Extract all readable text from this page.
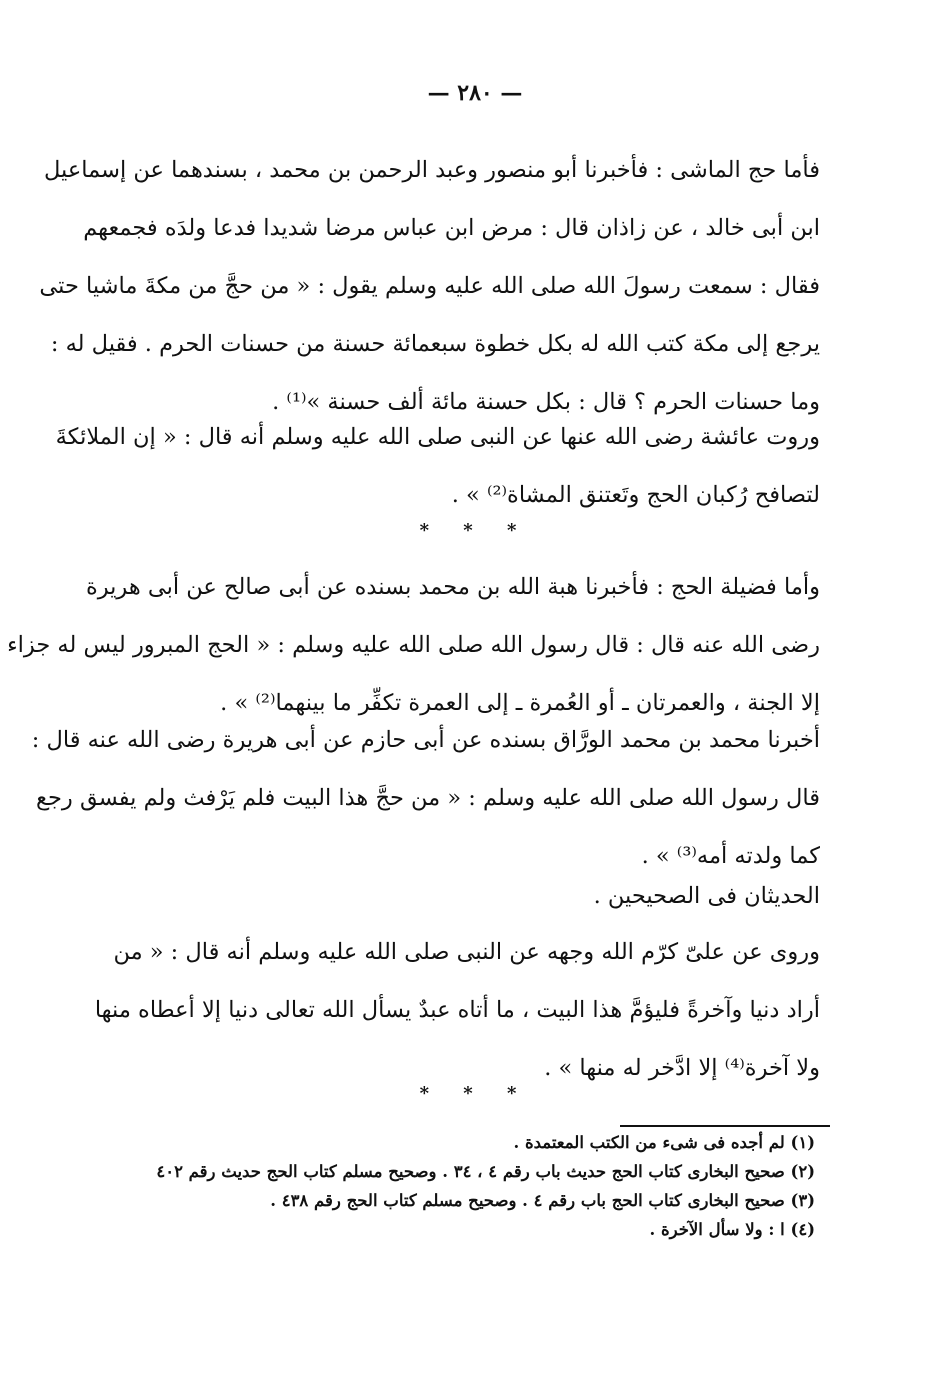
— ٢٨٠ —
فأما حج الماشى : فأخبرنا أبو منصور وعبد الرحمن بن محمد ، بسندهما عن إسماعيل
ابن أبى خالد ، عن زاذان قال : مرض ابن عباس مرضا شديدا فدعا ولدَه فجمعهم
فقال : سمعت رسولَ الله صلى الله عليه وسلم يقول : « من حجَّ من مكةَ ماشيا حتى
يرجع إلى مكة كتب الله له بكل خطوة سبعمائة حسنة من حسنات الحرم . فقيل له :
وما حسنات الحرم ؟ قال : بكل حسنة مائة ألف حسنة »⁽¹⁾ .
وروت عائشة رضى الله عنها عن النبى صلى الله عليه وسلم أنه قال : « إن الملائكةَ
لتصافح رُكبان الحج وتَعتنق المشاة⁽²⁾ » .
* * *
وأما فضيلة الحج : فأخبرنا هبة الله بن محمد بسنده عن أبى صالح عن أبى هريرة
رضى الله عنه قال : قال رسول الله صلى الله عليه وسلم : « الحج المبرور ليس له جزاء
إلا الجنة ، والعمرتان ـ أو العُمرة ـ إلى العمرة تكفِّر ما بينهما⁽²⁾ » .
أخبرنا محمد بن محمد الورَّاق بسنده عن أبى حازم عن أبى هريرة رضى الله عنه قال :
قال رسول الله صلى الله عليه وسلم : « من حجَّ هذا البيت فلم يَرْفث ولم يفسق رجع
كما ولدته أمه⁽³⁾ » .
الحديثان فى الصحيحين .
وروى عن علىّ كرّم الله وجهه عن النبى صلى الله عليه وسلم أنه قال : « من
أراد دنيا وآخرةً فليؤمَّ هذا البيت ، ما أتاه عبدٌ يسأل الله تعالى دنيا إلا أعطاه منها
ولا آخرة⁽⁴⁾ إلا ادَّخر له منها » .
* * *
(١) لم أجده فى شىء من الكتب المعتمدة .
(٢) صحيح البخارى كتاب الحج حديث باب رقم ٤ ، ٣٤ . وصحيح مسلم كتاب الحج حديث رقم ٤٠٢
(٣) صحيح البخارى كتاب الحج باب رقم ٤ . وصحيح مسلم كتاب الحج رقم ٤٣٨ .
(٤) ا : ولا سأل الآخرة .
